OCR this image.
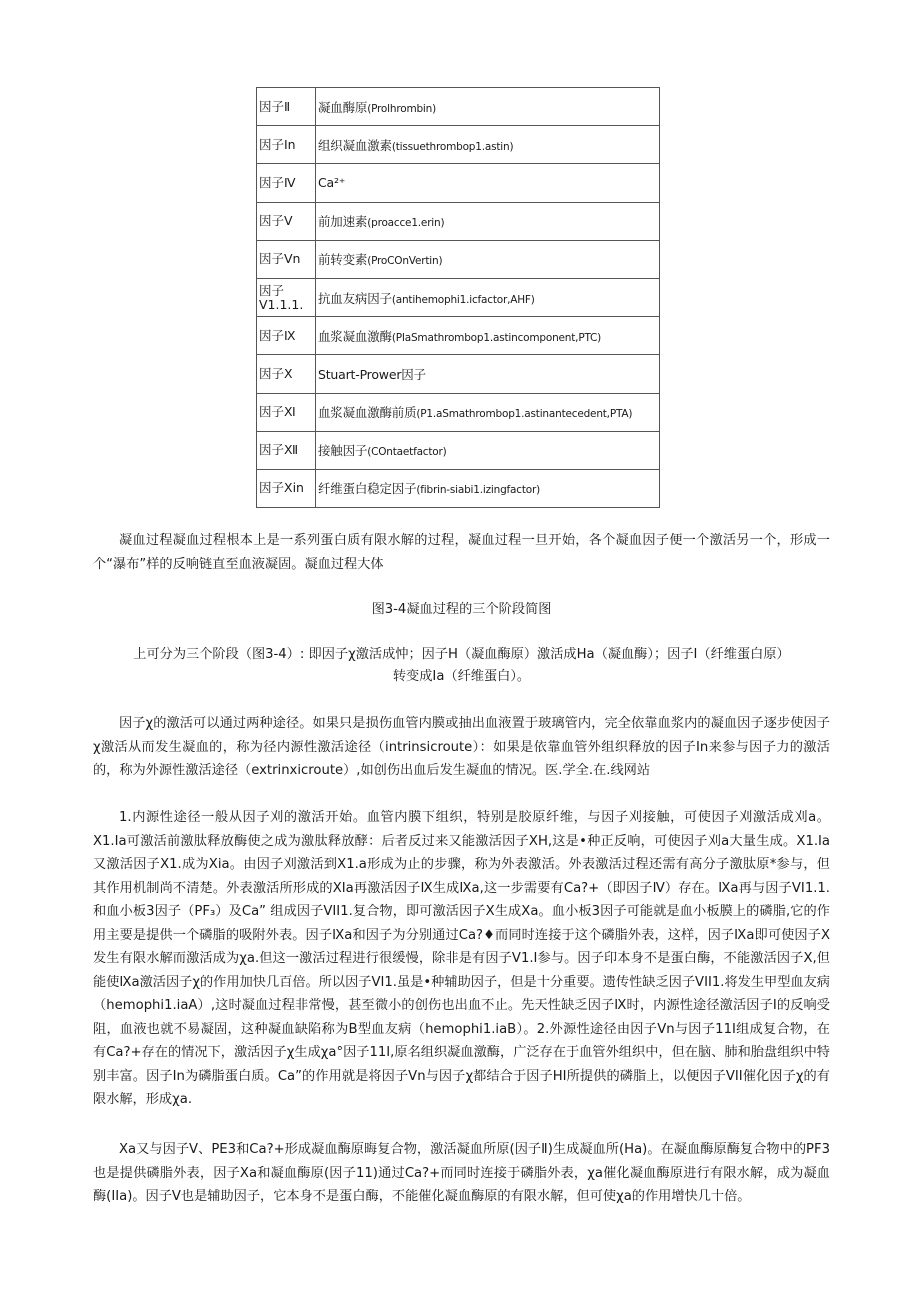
因子Ⅱ	凝血酶原(Prolhrombin)
因子In	组织凝血激素(tissuethrombop1.astin)
因子Ⅳ	Ca²⁺
因子V	前加速素(proacce1.erin)
因子Vn	前转变素(ProCOnVertin)
因子V1.1.1.	抗血友病因子(antihemophi1.icfactor,AHF)
因子Ⅸ	血浆凝血激酶(PIaSmathrombop1.astincomponent,PTC)
因子X	Stuart-Prower因子
因子Ⅺ	血浆凝血激酶前质(P1.aSmathrombop1.astinantecedent,PTA)
因子Ⅻ	接触因子(COntaetfactor)
因子Xin	纤维蛋白稳定因子(fibrin-siabi1.izingfactor)

凝血过程凝血过程根本上是一系列蛋白质有限水解的过程，凝血过程一旦开始，各个凝血因子便一个激活另一个，形成一个“瀑布”样的反响链直至血液凝固。凝血过程大体

图3-4凝血过程的三个阶段简图

上可分为三个阶段（图3-4）: 即因子χ激活成忡；因子H（凝血酶原）激活成Ha（凝血酶）；因子I（纤维蛋白原）

转变成Ia（纤维蛋白）。

因子χ的激活可以通过两种途径。如果只是损伤血管内膜或抽出血液置于玻璃管内，完全依靠血浆内的凝血因子逐步使因子χ激活从而发生凝血的，称为径内源性激活途径（intrinsicroute）：如果是依靠血管外组织释放的因子In来参与因子力的激活的，称为外源性激活途径（extrinxicroute）,如创伤出血后发生凝血的情况。医.学全.在.线网站

1.内源性途径一般从因子刈的激活开始。血管内膜下组织，特别是胶原纤维，与因子刈接触，可使因子刈激活成刈a。X1.Ia可激活前激肽释放酶使之成为激肽释放酵：后者反过来又能激活因子XH,这是•种正反响，可使因子刈a大量生成。X1.Ia又激活因子X1.成为Xia。由因子刈激活到X1.a形成为止的步骤，称为外表激活。外表激活过程还需有高分子激肽原*参与，但其作用机制尚不清楚。外表激活所形成的XIa再激活因子Ⅸ生成Ⅸa,这一步需要有Ca?+（即因子Ⅳ）存在。Ⅸa再与因子VI1.1.和血小板3因子（PF₃）及Ca” 组成因子VII1.复合物，即可激活因子X生成Xa。血小板3因子可能就是血小板膜上的磷脂,它的作用主要是提供一个磷脂的吸附外表。因子Ⅸa和因子为分别通过Ca?♦而同时连接于这个磷脂外表，这样，因子Ⅸa即可使因子X发生有限水解而激活成为χa.但这一激活过程进行很缓慢，除非是有因子V1.I参与。因子印本身不是蛋白酶，不能激活因子X,但能使Ⅸa激活因子χ的作用加快几百倍。所以因子VI1.虽是•种辅助因子，但是十分重要。遗传性缺乏因子VII1.将发生甲型血友病（hemophi1.iaA）,这时凝血过程非常慢，甚至微小的创伤也出血不止。先天性缺乏因子Ⅸ时，内源性途径激活因子I的反响受阻，血液也就不易凝固，这种凝血缺陷称为B型血友病（hemophi1.iaB）。2.外源性途径由因子Vn与因子11I组成复合物，在有Ca?+存在的情况下，激活因子χ生成χa°因子11I,原名组织凝血激酶，广泛存在于血管外组织中，但在脑、肺和胎盘组织中特别丰富。因子In为磷脂蛋白质。Ca”的作用就是将因子Vn与因子χ都结合于因子HI所提供的磷脂上，以便因子VII催化因子χ的有限水解，形成χa.

Xa又与因子V、PE3和Ca?+形成凝血酶原晦复合物，激活凝血所原(因子Ⅱ)生成凝血所(Ha)。在凝血酶原酶复合物中的PF3也是提供磷脂外表，因子Xa和凝血酶原(因子11)通过Ca?+而同时连接于磷脂外表，χa催化凝血酶原进行有限水解，成为凝血酶(IIa)。因子V也是辅助因子，它本身不是蛋白酶，不能催化凝血酶原的有限水解，但可使χa的作用增快几十倍。
